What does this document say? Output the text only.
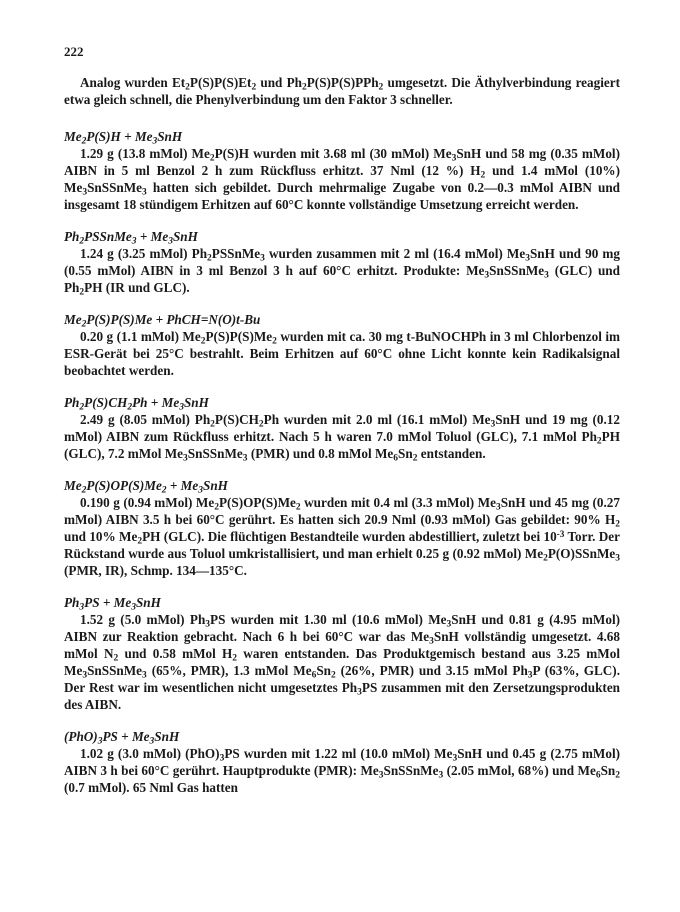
222

Analog wurden $Et_2P(S)P(S)Et_2$ und $Ph_2P(S)P(S)PPh_2$ umgesetzt. Die Äthylverbindung reagiert etwa gleich schnell, die Phenylverbindung um den Faktor 3 schneller.

$Me_2P(S)H + Me_3SnH$

1.29 g (13.8 mMol) $Me_2P(S)H$ wurden mit 3.68 ml (30 mMol) $Me_3SnH$ und 58 mg (0.35 mMol) AIBN in 5 ml Benzol 2 h zum Rückfluss erhitzt. 37 Nml (12 %) $H_2$ und 1.4 mMol (10%) $Me_3SnSSnMe_3$ hatten sich gebildet. Durch mehrmalige Zugabe von 0.2—0.3 mMol AIBN und insgesamt 18 stündigem Erhitzen auf 60°C konnte vollständige Umsetzung erreicht werden.

$Ph_2PSSnMe_3 + Me_3SnH$

1.24 g (3.25 mMol) $Ph_2PSSnMe_3$ wurden zusammen mit 2 ml (16.4 mMol) $Me_3SnH$ und 90 mg (0.55 mMol) AIBN in 3 ml Benzol 3 h auf 60°C erhitzt. Produkte: $Me_3SnSSnMe_3$ (GLC) und $Ph_2PH$ (IR und GLC).

$Me_2P(S)P(S)Me$ + PhCH=N(O)t-Bu

0.20 g (1.1 mMol) $Me_2P(S)P(S)Me_2$ wurden mit ca. 30 mg t-BuNOCHPh in 3 ml Chlorbenzol im ESR-Gerät bei 25°C bestrahlt. Beim Erhitzen auf 60°C ohne Licht konnte kein Radikalsignal beobachtet werden.

$Ph_2P(S)CH_2Ph + Me_3SnH$

2.49 g (8.05 mMol) $Ph_2P(S)CH_2Ph$ wurden mit 2.0 ml (16.1 mMol) $Me_3SnH$ und 19 mg (0.12 mMol) AIBN zum Rückfluss erhitzt. Nach 5 h waren 7.0 mMol Toluol (GLC), 7.1 mMol $Ph_2PH$ (GLC), 7.2 mMol $Me_3SnSSnMe_3$ (PMR) und 0.8 mMol $Me_6Sn_2$ entstanden.

$Me_2P(S)OP(S)Me_2 + Me_3SnH$

0.190 g (0.94 mMol) $Me_2P(S)OP(S)Me_2$ wurden mit 0.4 ml (3.3 mMol) $Me_3SnH$ und 45 mg (0.27 mMol) AIBN 3.5 h bei 60°C gerührt. Es hatten sich 20.9 Nml (0.93 mMol) Gas gebildet: 90% $H_2$ und 10% $Me_2PH$ (GLC). Die flüchtigen Bestandteile wurden abdestilliert, zuletzt bei $10^{-3}$ Torr. Der Rückstand wurde aus Toluol umkristallisiert, und man erhielt 0.25 g (0.92 mMol) $Me_2P(O)SSnMe_3$ (PMR, IR), Schmp. 134—135°C.

$Ph_3PS + Me_3SnH$

1.52 g (5.0 mMol) $Ph_3PS$ wurden mit 1.30 ml (10.6 mMol) $Me_3SnH$ und 0.81 g (4.95 mMol) AIBN zur Reaktion gebracht. Nach 6 h bei 60°C war das $Me_3SnH$ vollständig umgesetzt. 4.68 mMol $N_2$ und 0.58 mMol $H_2$ waren entstanden. Das Produktgemisch bestand aus 3.25 mMol $Me_3SnSSnMe_3$ (65%, PMR), 1.3 mMol $Me_6Sn_2$ (26%, PMR) und 3.15 mMol $Ph_3P$ (63%, GLC). Der Rest war im wesentlichen nicht umgesetztes $Ph_3PS$ zusammen mit den Zersetzungsprodukten des AIBN.

$(PhO)_3PS + Me_3SnH$

1.02 g (3.0 mMol) $(PhO)_3PS$ wurden mit 1.22 ml (10.0 mMol) $Me_3SnH$ und 0.45 g (2.75 mMol) AIBN 3 h bei 60°C gerührt. Hauptprodukte (PMR): $Me_3SnSSnMe_3$ (2.05 mMol, 68%) und $Me_6Sn_2$ (0.7 mMol). 65 Nml Gas hatten
